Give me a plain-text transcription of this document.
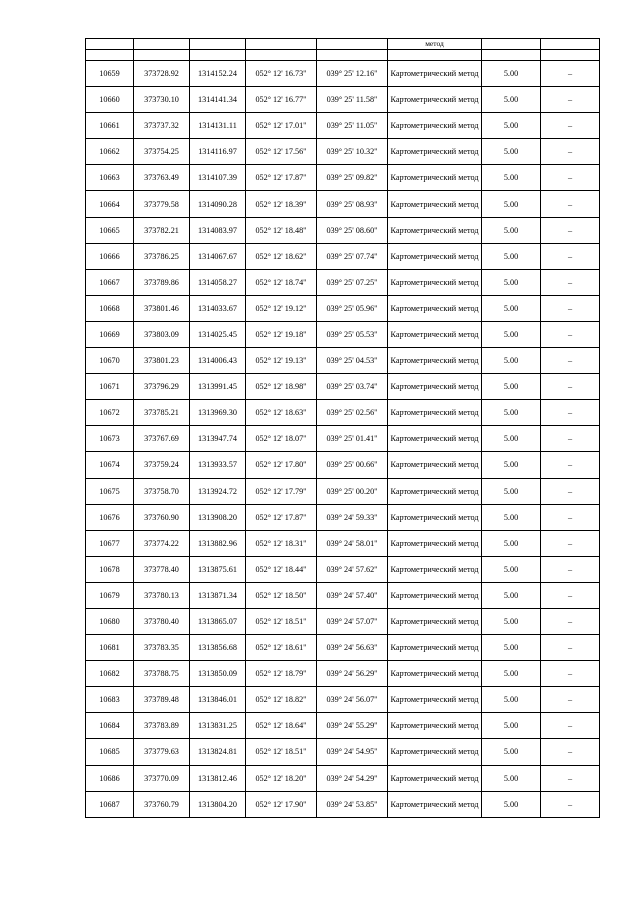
					метод		

10659	373728.92	1314152.24	052° 12' 16.73"	039° 25' 12.16"	Картометрический метод	5.00	–
10660	373730.10	1314141.34	052° 12' 16.77"	039° 25' 11.58"	Картометрический метод	5.00	–
10661	373737.32	1314131.11	052° 12' 17.01"	039° 25' 11.05"	Картометрический метод	5.00	–
10662	373754.25	1314116.97	052° 12' 17.56"	039° 25' 10.32"	Картометрический метод	5.00	–
10663	373763.49	1314107.39	052° 12' 17.87"	039° 25' 09.82"	Картометрический метод	5.00	–
10664	373779.58	1314090.28	052° 12' 18.39"	039° 25' 08.93"	Картометрический метод	5.00	–
10665	373782.21	1314083.97	052° 12' 18.48"	039° 25' 08.60"	Картометрический метод	5.00	–
10666	373786.25	1314067.67	052° 12' 18.62"	039° 25' 07.74"	Картометрический метод	5.00	–
10667	373789.86	1314058.27	052° 12' 18.74"	039° 25' 07.25"	Картометрический метод	5.00	–
10668	373801.46	1314033.67	052° 12' 19.12"	039° 25' 05.96"	Картометрический метод	5.00	–
10669	373803.09	1314025.45	052° 12' 19.18"	039° 25' 05.53"	Картометрический метод	5.00	–
10670	373801.23	1314006.43	052° 12' 19.13"	039° 25' 04.53"	Картометрический метод	5.00	–
10671	373796.29	1313991.45	052° 12' 18.98"	039° 25' 03.74"	Картометрический метод	5.00	–
10672	373785.21	1313969.30	052° 12' 18.63"	039° 25' 02.56"	Картометрический метод	5.00	–
10673	373767.69	1313947.74	052° 12' 18.07"	039° 25' 01.41"	Картометрический метод	5.00	–
10674	373759.24	1313933.57	052° 12' 17.80"	039° 25' 00.66"	Картометрический метод	5.00	–
10675	373758.70	1313924.72	052° 12' 17.79"	039° 25' 00.20"	Картометрический метод	5.00	–
10676	373760.90	1313908.20	052° 12' 17.87"	039° 24' 59.33"	Картометрический метод	5.00	–
10677	373774.22	1313882.96	052° 12' 18.31"	039° 24' 58.01"	Картометрический метод	5.00	–
10678	373778.40	1313875.61	052° 12' 18.44"	039° 24' 57.62"	Картометрический метод	5.00	–
10679	373780.13	1313871.34	052° 12' 18.50"	039° 24' 57.40"	Картометрический метод	5.00	–
10680	373780.40	1313865.07	052° 12' 18.51"	039° 24' 57.07"	Картометрический метод	5.00	–
10681	373783.35	1313856.68	052° 12' 18.61"	039° 24' 56.63"	Картометрический метод	5.00	–
10682	373788.75	1313850.09	052° 12' 18.79"	039° 24' 56.29"	Картометрический метод	5.00	–
10683	373789.48	1313846.01	052° 12' 18.82"	039° 24' 56.07"	Картометрический метод	5.00	–
10684	373783.89	1313831.25	052° 12' 18.64"	039° 24' 55.29"	Картометрический метод	5.00	–
10685	373779.63	1313824.81	052° 12' 18.51"	039° 24' 54.95"	Картометрический метод	5.00	–
10686	373770.09	1313812.46	052° 12' 18.20"	039° 24' 54.29"	Картометрический метод	5.00	–
10687	373760.79	1313804.20	052° 12' 17.90"	039° 24' 53.85"	Картометрический метод	5.00	–
